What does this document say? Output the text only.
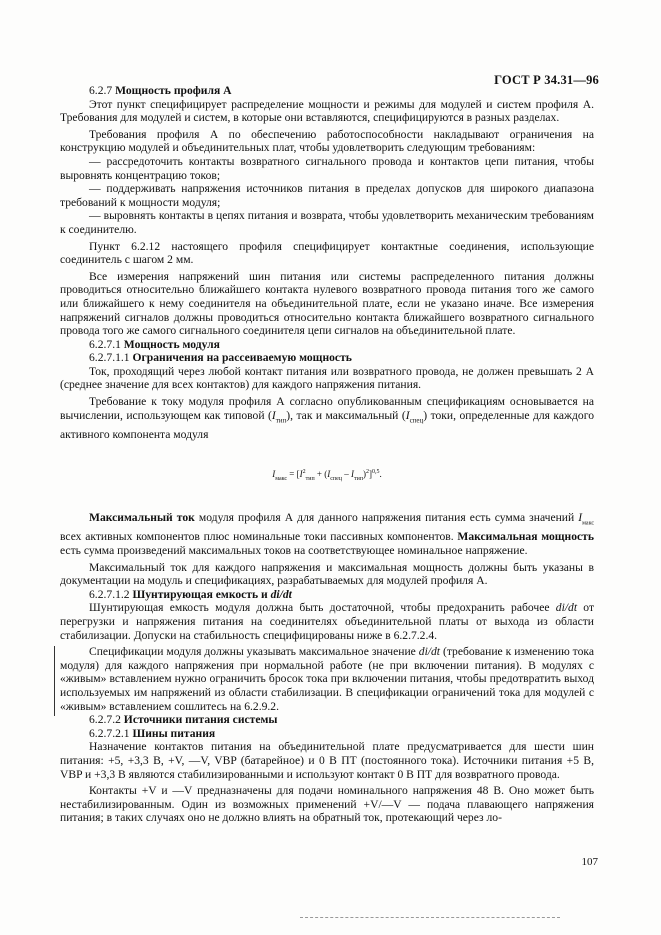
ГОСТ Р 34.31—96

6.2.7 Мощность профиля А

Этот пункт специфицирует распределение мощности и режимы для модулей и систем профиля А. Требования для модулей и систем, в которые они вставляются, специфицируются в разных разделах.

Требования профиля А по обеспечению работоспособности накладывают ограничения на конструкцию модулей и объединительных плат, чтобы удовлетворить следующим требованиям:

— рассредоточить контакты возвратного сигнального провода и контактов цепи питания, чтобы выровнять концентрацию токов;

— поддерживать напряжения источников питания в пределах допусков для широкого диапазона требований к мощности модуля;

— выровнять контакты в цепях питания и возврата, чтобы удовлетворить механическим требованиям к соединителю.

Пункт 6.2.12 настоящего профиля специфицирует контактные соединения, использующие соединитель с шагом 2 мм.

Все измерения напряжений шин питания или системы распределенного питания должны проводиться относительно ближайшего контакта нулевого возвратного провода питания того же самого или ближайшего к нему соединителя на объединительной плате, если не указано иначе. Все измерения напряжений сигналов должны проводиться относительно контакта ближайшего возвратного сигнального провода того же самого сигнального соединителя цепи сигналов на объединительной плате.

6.2.7.1 Мощность модуля

6.2.7.1.1 Ограничения на рассеиваемую мощность

Ток, проходящий через любой контакт питания или возвратного провода, не должен превышать 2 А (среднее значение для всех контактов) для каждого напряжения питания.

Требование к току модуля профиля А согласно опубликованным спецификациям основывается на вычислении, использующем как типовой $(I_{тип})$, так и максимальный $(I_{спец})$ токи, определенные для каждого активного компонента модуля

$I_{макс} = [I^2_{тип} + (I_{спец} - I_{тип})^2]^{0,5}$.

Максимальный ток модуля профиля А для данного напряжения питания есть сумма значений $I_{макс}$ всех активных компонентов плюс номинальные токи пассивных компонентов. Максимальная мощность есть сумма произведений максимальных токов на соответствующее номинальное напряжение.

Максимальный ток для каждого напряжения и максимальная мощность должны быть указаны в документации на модуль и спецификациях, разрабатываемых для модулей профиля А.

6.2.7.1.2 Шунтирующая емкость и di/dt

Шунтирующая емкость модуля должна быть достаточной, чтобы предохранить рабочее di/dt от перегрузки и напряжения питания на соединителях объединительной платы от выхода из области стабилизации. Допуски на стабильность специфицированы ниже в 6.2.7.2.4.

Спецификации модуля должны указывать максимальное значение di/dt (требование к изменению тока модуля) для каждого напряжения при нормальной работе (не при включении питания). В модулях с «живым» вставлением нужно ограничить бросок тока при включении питания, чтобы предотвратить выход используемых им напряжений из области стабилизации. В спецификации ограничений тока для модулей с «живым» вставлением сошлитесь на 6.2.9.2.

6.2.7.2 Источники питания системы

6.2.7.2.1 Шины питания

Назначение контактов питания на объединительной плате предусматривается для шести шин питания: +5, +3,3 В, +V, —V, VBP (батарейное) и 0 В ПТ (постоянного тока). Источники питания +5 В, VBP и +3,3 В являются стабилизированными и используют контакт 0 В ПТ для возвратного провода.

Контакты +V и —V предназначены для подачи номинального напряжения 48 В. Оно может быть нестабилизированным. Один из возможных применений +V/—V — подача плавающего напряжения питания; в таких случаях оно не должно влиять на обратный ток, протекающий через ло-

107
